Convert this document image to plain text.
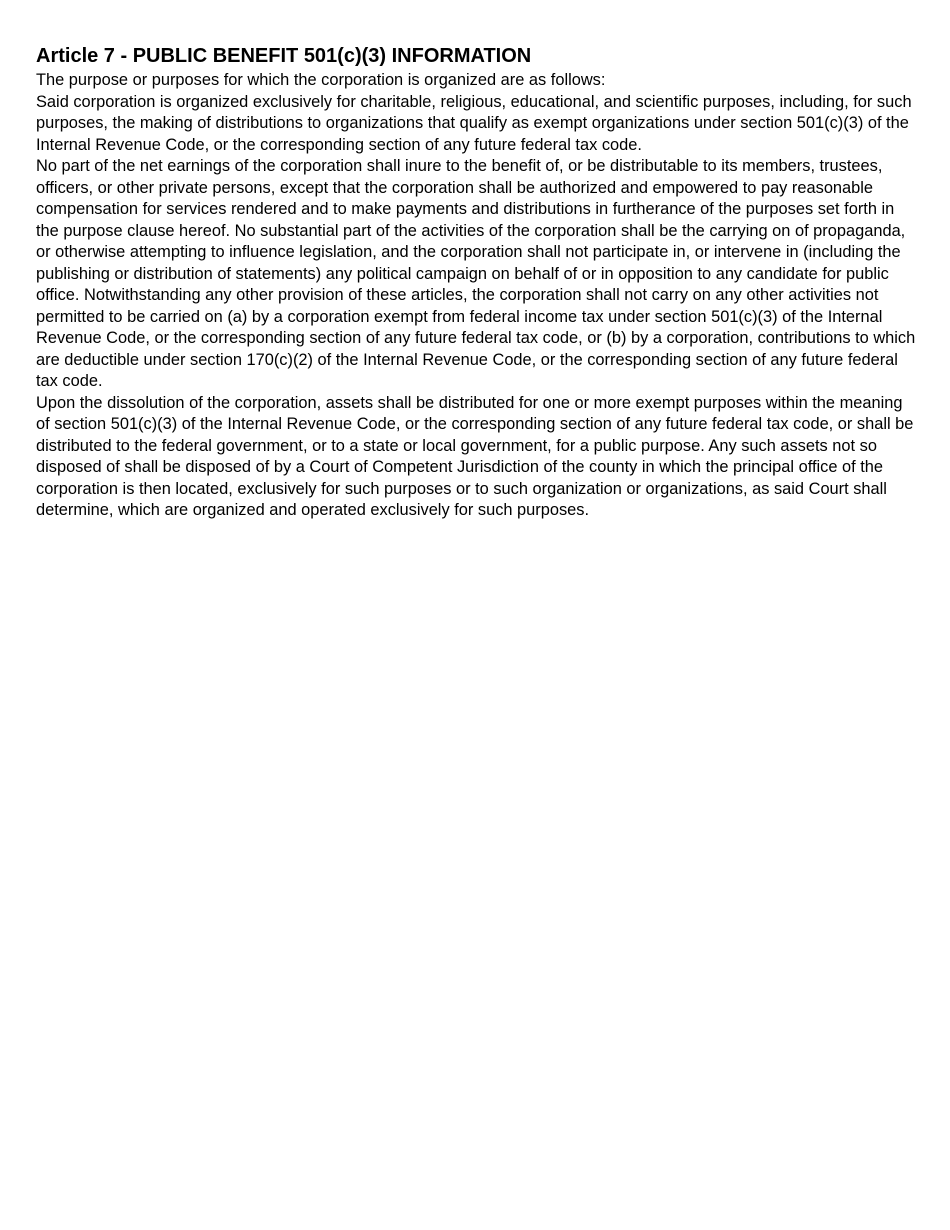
Article 7 - PUBLIC BENEFIT 501(c)(3) INFORMATION

The purpose or purposes for which the corporation is organized are as follows:

Said corporation is organized exclusively for charitable, religious, educational, and scientific purposes, including, for such purposes, the making of distributions to organizations that qualify as exempt organizations under section 501(c)(3) of the Internal Revenue Code, or the corresponding section of any future federal tax code.

No part of the net earnings of the corporation shall inure to the benefit of, or be distributable to its members, trustees, officers, or other private persons, except that the corporation shall be authorized and empowered to pay reasonable compensation for services rendered and to make payments and distributions in furtherance of the purposes set forth in the purpose clause hereof. No substantial part of the activities of the corporation shall be the carrying on of propaganda, or otherwise attempting to influence legislation, and the corporation shall not participate in, or intervene in (including the publishing or distribution of statements) any political campaign on behalf of or in opposition to any candidate for public office. Notwithstanding any other provision of these articles, the corporation shall not carry on any other activities not permitted to be carried on (a) by a corporation exempt from federal income tax under section 501(c)(3) of the Internal Revenue Code, or the corresponding section of any future federal tax code, or (b) by a corporation, contributions to which are deductible under section 170(c)(2) of the Internal Revenue Code, or the corresponding section of any future federal tax code.

Upon the dissolution of the corporation, assets shall be distributed for one or more exempt purposes within the meaning of section 501(c)(3) of the Internal Revenue Code, or the corresponding section of any future federal tax code, or shall be distributed to the federal government, or to a state or local government, for a public purpose. Any such assets not so disposed of shall be disposed of by a Court of Competent Jurisdiction of the county in which the principal office of the corporation is then located, exclusively for such purposes or to such organization or organizations, as said Court shall determine, which are organized and operated exclusively for such purposes.
